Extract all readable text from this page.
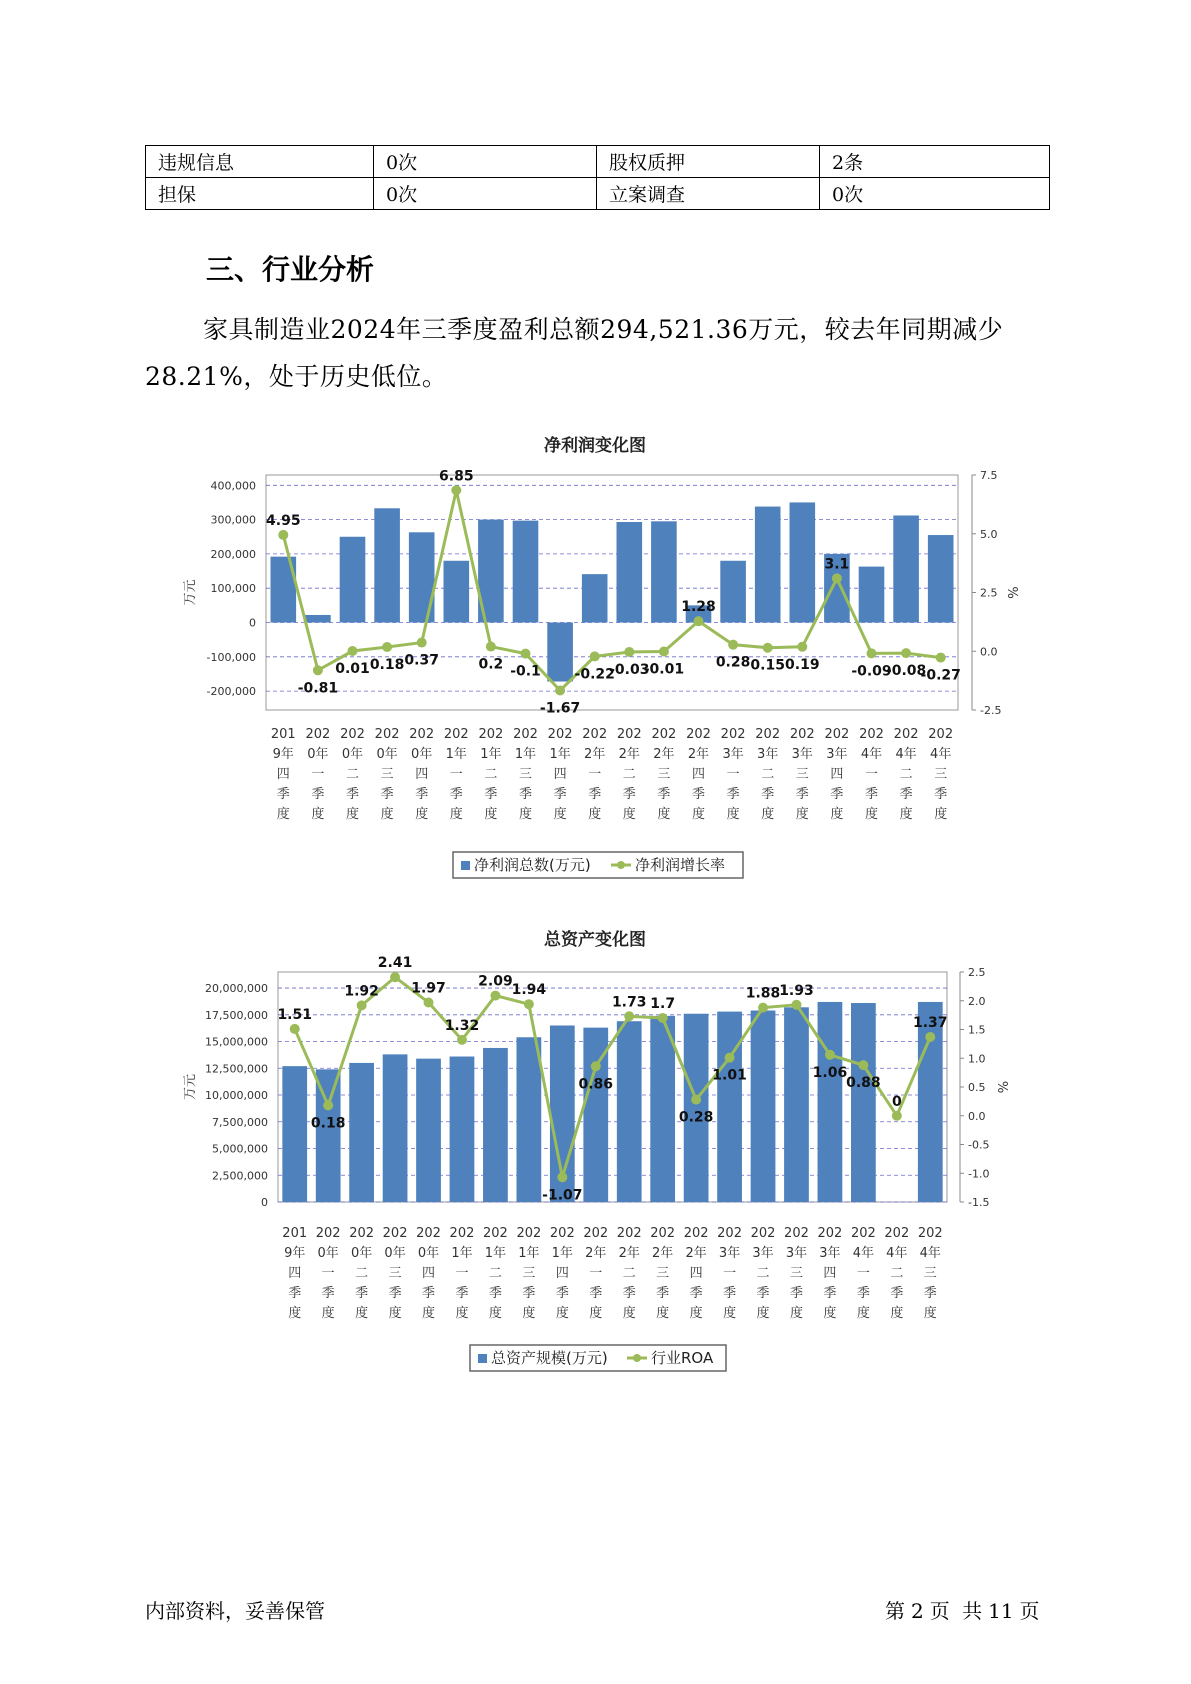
违规信息	0次	股权质押	2条
担保	0次	立案调查	0次
三、行业分析

家具制造业2024年三季度盈利总额294,521.36万元，较去年同期减少28.21%，处于历史低位。

净利润变化图
400,000
300,000
200,000
100,000
0
-100,000
-200,000
7.5
5.0
2.5
0.0
-2.5
万元	%
4.95
-0.81
0.01 0.18 0.37
6.85
0.2 -0.1
-1.67
-0.22
-0.03
-0.01
1.28
0.28 0.15 0.19
3.1
-0.09
-0.08
-0.27
201
9年
四
季
度
202
0年
一
季
度
202
0年
二
季
度
202
0年
三
季
度
202
0年
四
季
度
202
1年
一
季
度
202
1年
二
季
度
202
1年
三
季
度
202
1年
四
季
度
202
2年
一
季
度
202
2年
二
季
度
202
2年
三
季
度
202
2年
四
季
度
202
3年
一
季
度
202
3年
二
季
度
202
3年
三
季
度
202
3年
四
季
度
202
4年
一
季
度
202
4年
二
季
度
202
4年
三
季
度
净利润总数(万元)	净利润增长率
总资产变化图
20,000,000
17,500,000
15,000,000
12,500,000
10,000,000
7,500,000
5,000,000
2,500,000
0
2.5
2.0
1.5
1.0
0.5
0.0
-0.5
-1.0
-1.5
万元	%
1.51
0.18
1.92
2.41
1.97
1.32
2.09
1.94
-1.07
0.86
1.73 1.7
0.28
1.01
1.88
1.93
1.06
0.88
0
1.37
201
9年
四
季
度
202
0年
一
季
度
202
0年
二
季
度
202
0年
三
季
度
202
0年
四
季
度
202
1年
一
季
度
202
1年
二
季
度
202
1年
三
季
度
202
1年
四
季
度
202
2年
一
季
度
202
2年
二
季
度
202
2年
三
季
度
202
2年
四
季
度
202
3年
一
季
度
202
3年
二
季
度
202
3年
三
季
度
202
3年
四
季
度
202
4年
一
季
度
202
4年
二
季
度
202
4年
三
季
度
总资产规模(万元)	行业ROA
内部资料，妥善保管	第 2 页 共 11 页
